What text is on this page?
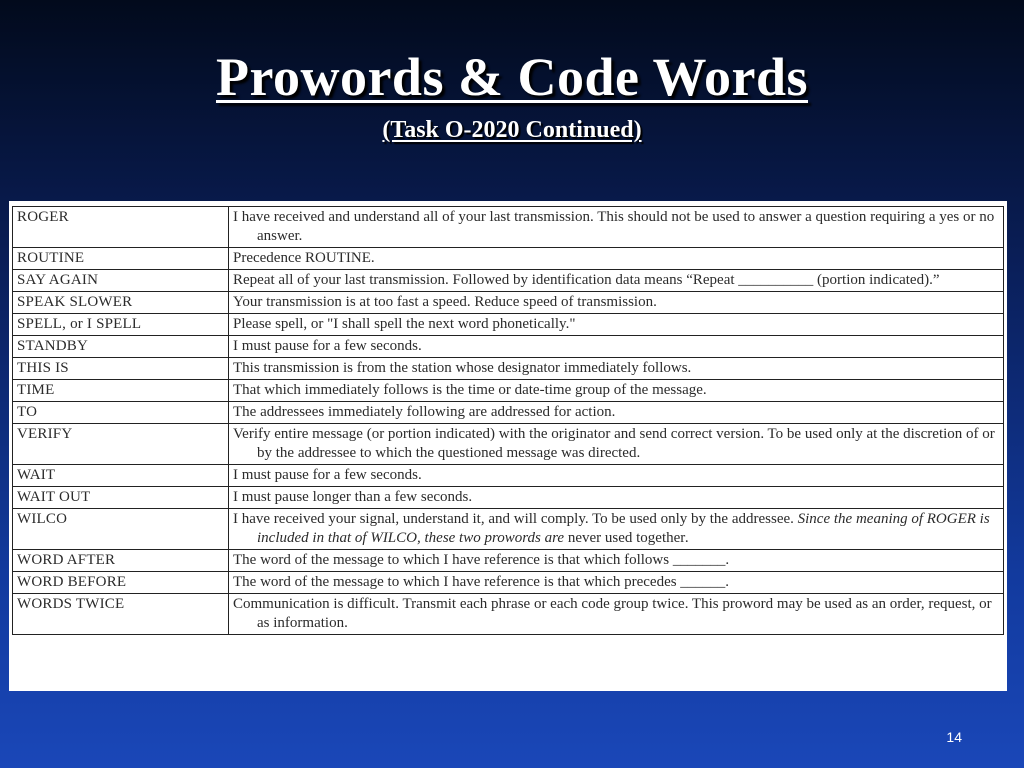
Prowords & Code Words
(Task O-2020 Continued)
ROGER	I have received and understand all of your last transmission. This should not be used to answer a question requiring a yes or no answer.

ROUTINE	Precedence ROUTINE.

SAY AGAIN	Repeat all of your last transmission. Followed by identification data means “Repeat __________ (portion indicated).”

SPEAK SLOWER	Your transmission is at too fast a speed. Reduce speed of transmission.

SPELL, or I SPELL	Please spell, or "I shall spell the next word phonetically."

STANDBY	I must pause for a few seconds.

THIS IS	This transmission is from the station whose designator immediately follows.

TIME	That which immediately follows is the time or date-time group of the message.

TO	The addressees immediately following are addressed for action.

VERIFY	Verify entire message (or portion indicated) with the originator and send correct version. To be used only at the discretion of or by the addressee to which the questioned message was directed.

WAIT	I must pause for a few seconds.

WAIT OUT	I must pause longer than a few seconds.

WILCO	I have received your signal, understand it, and will comply. To be used only by the addressee. Since the meaning of ROGER is included in that of WILCO, these two prowords are never used together.

WORD AFTER	The word of the message to which I have reference is that which follows _______.

WORD BEFORE	The word of the message to which I have reference is that which precedes ______.

WORDS TWICE	Communication is difficult. Transmit each phrase or each code group twice. This proword may be used as an order, request, or as information.
14
